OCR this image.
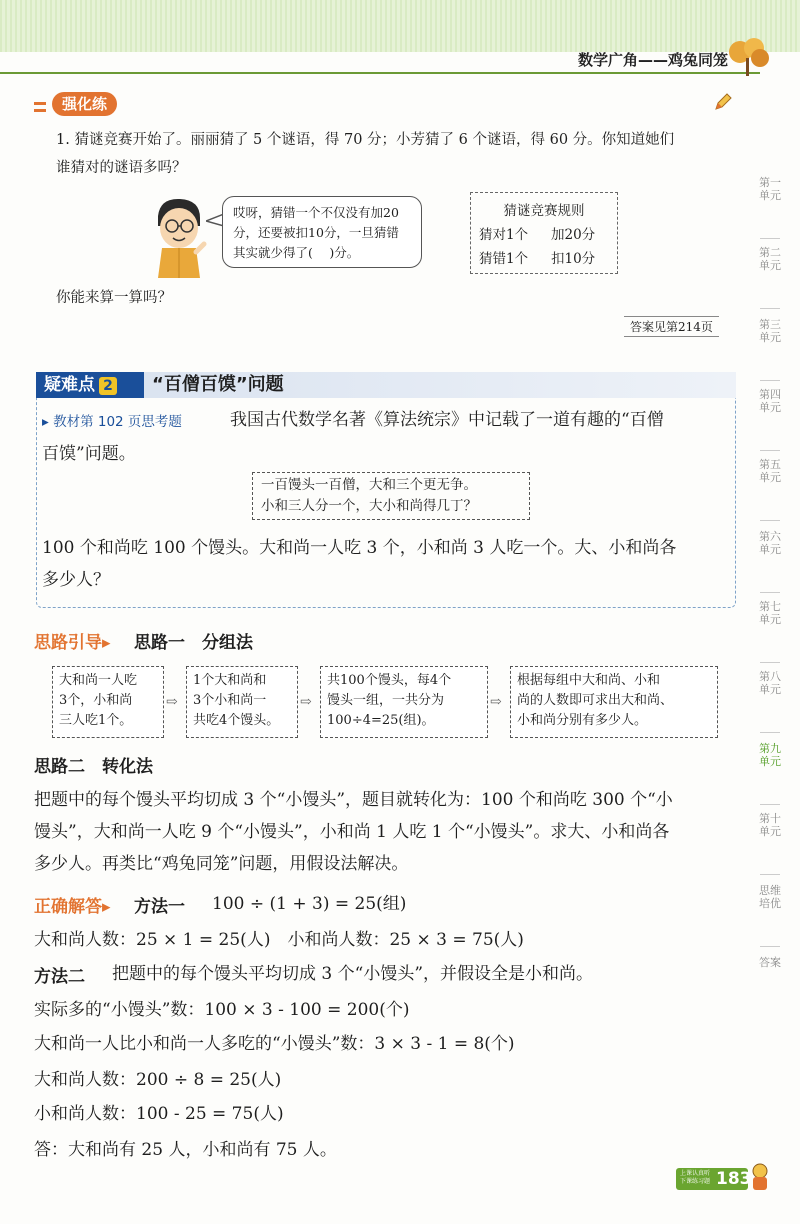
数学广角——鸡兔同笼
强化练
1. 猜谜竞赛开始了。丽丽猜了 5 个谜语，得 70 分；小芳猜了 6 个谜语，得 60 分。你知道她们
谁猜对的谜语多吗？
哎呀，猜错一个不仅没有加20
分，还要被扣10分，一旦猜错
其实就少得了(　 )分。
猜谜竞赛规则
猜对1个 加20分
猜错1个 扣10分
你能来算一算吗？
答案见第214页
疑难点 2	“百僧百馍”问题
▸ 教材第 102 页思考题	我国古代数学名著《算法统宗》中记载了一道有趣的“百僧
百馍”问题。
一百馒头一百僧，大和三个更无争。
小和三人分一个，大小和尚得几丁？
100 个和尚吃 100 个馒头。大和尚一人吃 3 个，小和尚 3 人吃一个。大、小和尚各
多少人？
思路引导▸ 思路一　分组法
大和尚一人吃
3个，小和尚
三人吃1个。
⇨
1个大和尚和
3个小和尚一
共吃4个馒头。
⇨
共100个馒头，每4个
馒头一组，一共分为
100÷4=25(组)。
⇨
根据每组中大和尚、小和
尚的人数即可求出大和尚、
小和尚分别有多少人。
思路二　转化法
把题中的每个馒头平均切成 3 个“小馒头”，题目就转化为：100 个和尚吃 300 个“小
馒头”，大和尚一人吃 9 个“小馒头”，小和尚 1 人吃 1 个“小馒头”。求大、小和尚各
多少人。再类比“鸡兔同笼”问题，用假设法解决。
正确解答▸ 方法一 100 ÷ (1 + 3) = 25(组)
大和尚人数：25 × 1 = 25(人)　小和尚人数：25 × 3 = 75(人)
方法二 把题中的每个馒头平均切成 3 个“小馒头”，并假设全是小和尚。
实际多的“小馒头”数：100 × 3 - 100 = 200(个)
大和尚一人比小和尚一人多吃的“小馒头”数：3 × 3 - 1 = 8(个)
大和尚人数：200 ÷ 8 = 25(人)
小和尚人数：100 - 25 = 75(人)
答：大和尚有 25 人，小和尚有 75 人。
第一单元
第二单元
第三单元
第四单元
第五单元
第六单元
第七单元
第八单元
第九单元
第十单元
思维培优
答案
上课认真听
下课练习题 183
